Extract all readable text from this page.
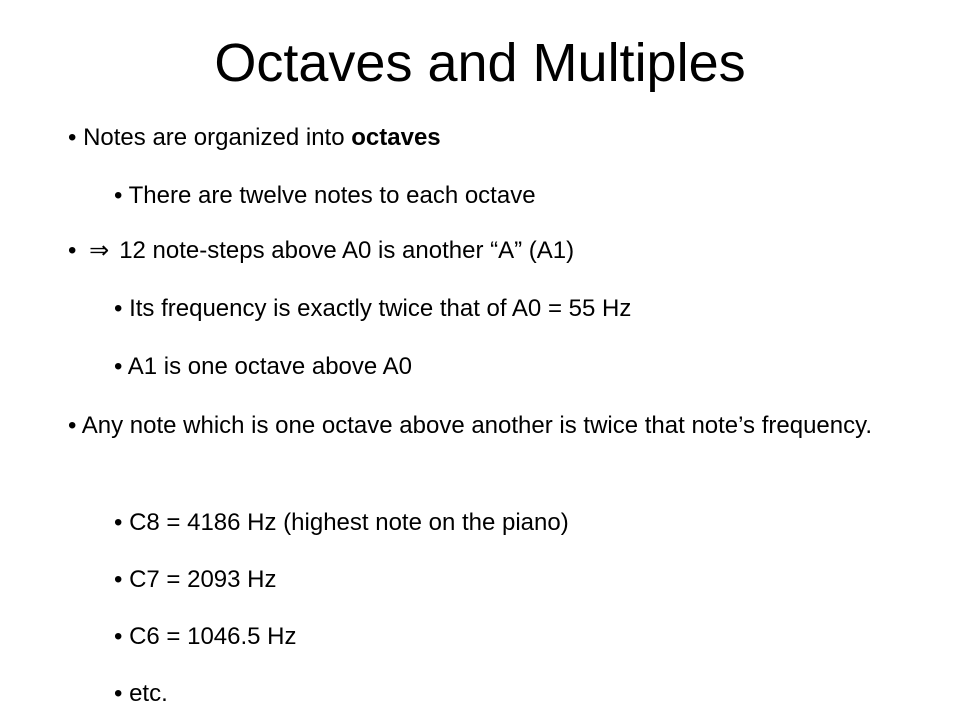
Octaves and Multiples
• Notes are organized into octaves
• There are twelve notes to each octave
• ⇒ 12 note-steps above A0 is another “A” (A1)
• Its frequency is exactly twice that of A0 = 55 Hz
• A1 is one octave above A0
• Any note which is one octave above another is twice that note’s frequency.
• C8 = 4186 Hz (highest note on the piano)
• C7 = 2093 Hz
• C6 = 1046.5 Hz
• etc.
